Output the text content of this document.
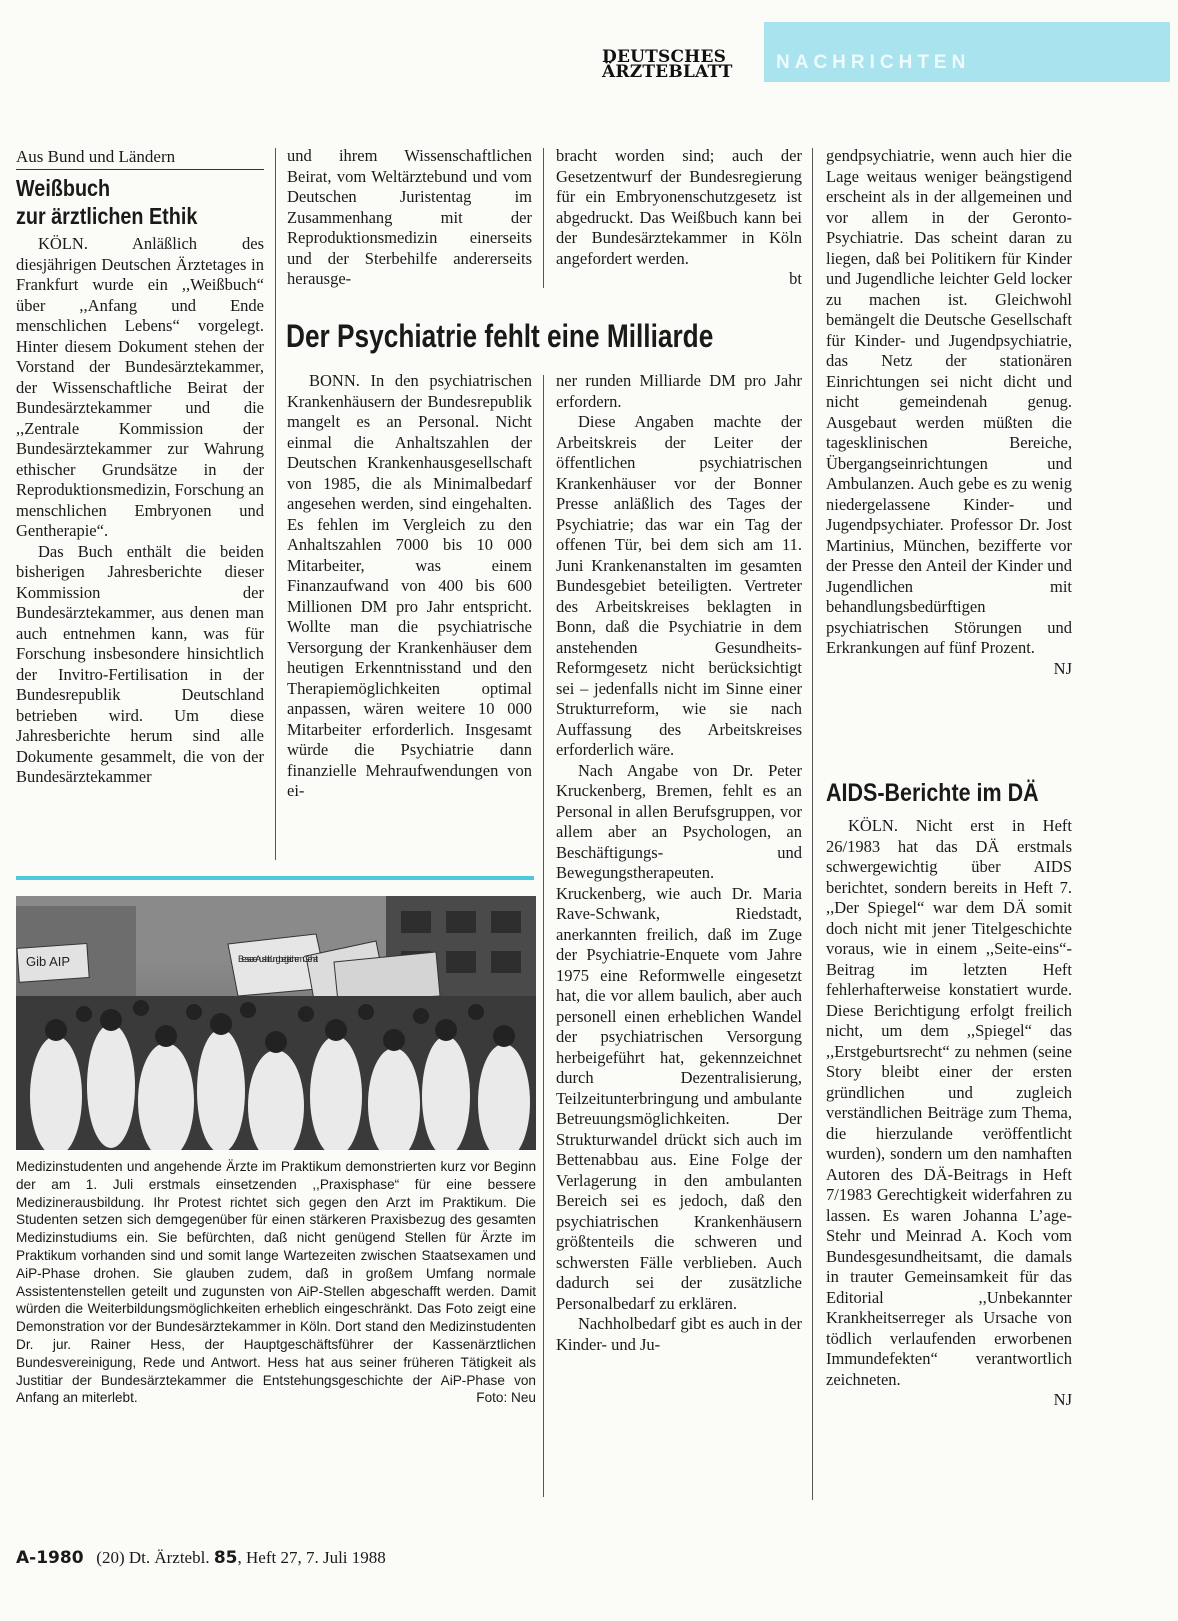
DEUTSCHES
ÄRZTEBLATT NACHRICHTEN
Aus Bund und Ländern
Weißbuch
zur ärztlichen Ethik

KÖLN. Anläßlich des diesjährigen Deutschen Ärztetages in Frankfurt wurde ein ,,Weißbuch“ über ,,Anfang und Ende menschlichen Lebens“ vorgelegt. Hinter diesem Dokument stehen der Vorstand der Bundesärztekammer, der Wissenschaftliche Beirat der Bundesärztekammer und die ,,Zentrale Kommission der Bundesärztekammer zur Wahrung ethischer Grundsätze in der Reproduktionsmedizin, Forschung an menschlichen Embryonen und Gentherapie“.

Das Buch enthält die beiden bisherigen Jahresberichte dieser Kommission der Bundesärztekammer, aus denen man auch entnehmen kann, was für Forschung insbesondere hinsichtlich der Invitro-Fertilisation in der Bundesrepublik Deutschland betrieben wird. Um diese Jahresberichte herum sind alle Dokumente gesammelt, die von der Bundesärztekammer

und ihrem Wissenschaftlichen Beirat, vom Weltärztebund und vom Deutschen Juristentag im Zusammenhang mit der Reproduktionsmedizin einerseits und der Sterbehilfe andererseits herausge-

bracht worden sind; auch der Gesetzentwurf der Bundesregierung für ein Embryonenschutzgesetz ist abgedruckt. Das Weißbuch kann bei der Bundesärztekammer in Köln angefordert werden.

bt
Der Psychiatrie fehlt eine Milliarde

BONN. In den psychiatrischen Krankenhäusern der Bundesrepublik mangelt es an Personal. Nicht einmal die Anhaltszahlen der Deutschen Krankenhausgesellschaft von 1985, die als Minimalbedarf angesehen werden, sind eingehalten. Es fehlen im Vergleich zu den Anhaltszahlen 7000 bis 10 000 Mitarbeiter, was einem Finanzaufwand von 400 bis 600 Millionen DM pro Jahr entspricht. Wollte man die psychiatrische Versorgung der Krankenhäuser dem heutigen Erkenntnisstand und den Therapiemöglichkeiten optimal anpassen, wären weitere 10 000 Mitarbeiter erforderlich. Insgesamt würde die Psychiatrie dann finanzielle Mehraufwendungen von ei-

ner runden Milliarde DM pro Jahr erfordern.

Diese Angaben machte der Arbeitskreis der Leiter der öffentlichen psychiatrischen Krankenhäuser vor der Bonner Presse anläßlich des Tages der Psychiatrie; das war ein Tag der offenen Tür, bei dem sich am 11. Juni Krankenanstalten im gesamten Bundesgebiet beteiligten. Vertreter des Arbeitskreises beklagten in Bonn, daß die Psychiatrie in dem anstehenden Gesundheits-Reformgesetz nicht berücksichtigt sei – jedenfalls nicht im Sinne einer Strukturreform, wie sie nach Auffassung des Arbeitskreises erforderlich wäre.

Nach Angabe von Dr. Peter Kruckenberg, Bremen, fehlt es an Personal in allen Berufsgruppen, vor allem aber an Psychologen, an Beschäftigungs- und Bewegungstherapeuten. Kruckenberg, wie auch Dr. Maria Rave-Schwank, Riedstadt, anerkannten freilich, daß im Zuge der Psychiatrie-Enquete vom Jahre 1975 eine Reformwelle eingesetzt hat, die vor allem baulich, aber auch personell einen erheblichen Wandel der psychiatrischen Versorgung herbeigeführt hat, gekennzeichnet durch Dezentralisierung, Teilzeitunterbringung und ambulante Betreuungsmöglichkeiten. Der Strukturwandel drückt sich auch im Bettenabbau aus. Eine Folge der Verlagerung in den ambulanten Bereich sei es jedoch, daß den psychiatrischen Krankenhäusern größtenteils die schweren und schwersten Fälle verblieben. Auch dadurch sei der zusätzliche Personalbedarf zu erklären.

Nachholbedarf gibt es auch in der Kinder- und Ju-

gendpsychiatrie, wenn auch hier die Lage weitaus weniger beängstigend erscheint als in der allgemeinen und vor allem in der Geronto-Psychiatrie. Das scheint daran zu liegen, daß bei Politikern für Kinder und Jugendliche leichter Geld locker zu machen ist. Gleichwohl bemängelt die Deutsche Gesellschaft für Kinder- und Jugendpsychiatrie, das Netz der stationären Einrichtungen sei nicht dicht und nicht gemeindenah genug. Ausgebaut werden müßten die tagesklinischen Bereiche, Übergangseinrichtungen und Ambulanzen. Auch gebe es zu wenig niedergelassene Kinder- und Jugendpsychiater. Professor Dr. Jost Martinius, München, bezifferte vor der Presse den Anteil der Kinder und Jugendlichen mit behandlungsbedürftigen psychiatrischen Störungen und Erkrankungen auf fünf Prozent.

NJ
AIDS-Berichte im DÄ

KÖLN. Nicht erst in Heft 26/1983 hat das DÄ erstmals schwergewichtig über AIDS berichtet, sondern bereits in Heft 7. ,,Der Spiegel“ war dem DÄ somit doch nicht mit jener Titelgeschichte voraus, wie in einem ,,Seite-eins“-Beitrag im letzten Heft fehlerhafterweise konstatiert wurde. Diese Berichtigung erfolgt freilich nicht, um dem ,,Spiegel“ das ,,Erstgeburtsrecht“ zu nehmen (seine Story bleibt einer der ersten gründlichen und zugleich verständlichen Beiträge zum Thema, die hierzulande veröffentlicht wurden), sondern um den namhaften Autoren des DÄ-Beitrags in Heft 7/1983 Gerechtigkeit widerfahren zu lassen. Es waren Johanna L’age-Stehr und Meinrad A. Koch vom Bundesgesundheitsamt, die damals in trauter Gemeinsamkeit für das Editorial ,,Unbekannter Krankheitserreger als Ursache von tödlich verlaufenden erworbenen Immundefekten“ verantwortlich zeichneten.

NJ
Gib AIP	Bessere Aus-bildung bei gleichem Gehalt
Medizinstudenten und angehende Ärzte im Praktikum demonstrierten kurz vor Beginn der am 1. Juli erstmals einsetzenden ,,Praxisphase“ für eine bessere Medizinerausbildung. Ihr Protest richtet sich gegen den Arzt im Praktikum. Die Studenten setzen sich demgegenüber für einen stärkeren Praxisbezug des gesamten Medizinstudiums ein. Sie befürchten, daß nicht genügend Stellen für Ärzte im Praktikum vorhanden sind und somit lange Wartezeiten zwischen Staatsexamen und AiP-Phase drohen. Sie glauben zudem, daß in großem Umfang normale Assistentenstellen geteilt und zugunsten von AiP-Stellen abgeschafft werden. Damit würden die Weiterbildungsmöglichkeiten erheblich eingeschränkt. Das Foto zeigt eine Demonstration vor der Bundesärztekammer in Köln. Dort stand den Medizinstudenten Dr. jur. Rainer Hess, der Hauptgeschäftsführer der Kassenärztlichen Bundesvereinigung, Rede und Antwort. Hess hat aus seiner früheren Tätigkeit als Justitiar der Bundesärztekammer die Entstehungsgeschichte der AiP-Phase von Anfang an miterlebt.	Foto: Neu
A-1980 (20) Dt. Ärztebl. 85, Heft 27, 7. Juli 1988
